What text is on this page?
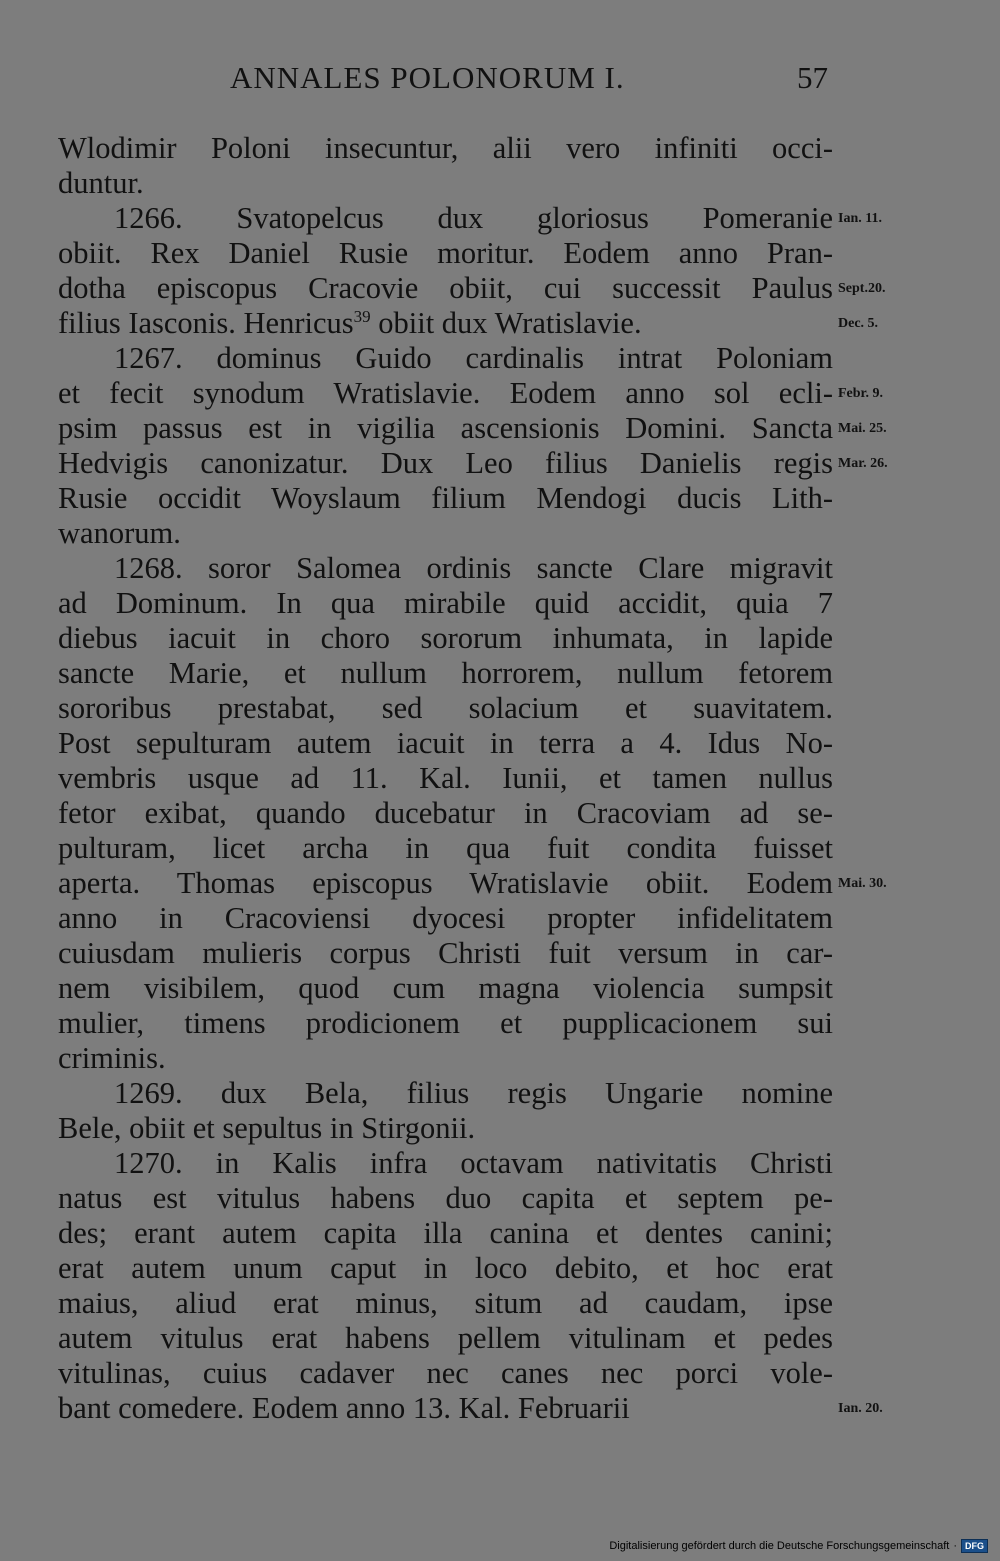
ANNALES POLONORUM I.	57
Wlodimir Poloni insecuntur, alii vero infiniti occi-
duntur.
1266. Svatopelcus dux gloriosus Pomeranie
obiit. Rex Daniel Rusie moritur. Eodem anno Pran-
dotha episcopus Cracovie obiit, cui successit Paulus
filius Iasconis. Henricus$^{39}$ obiit dux Wratislavie.
1267. dominus Guido cardinalis intrat Poloniam
et fecit synodum Wratislavie. Eodem anno sol ecli-
psim passus est in vigilia ascensionis Domini. Sancta
Hedvigis canonizatur. Dux Leo filius Danielis regis
Rusie occidit Woyslaum filium Mendogi ducis Lith-
wanorum.
1268. soror Salomea ordinis sancte Clare migravit
ad Dominum. In qua mirabile quid accidit, quia 7
diebus iacuit in choro sororum inhumata, in lapide
sancte Marie, et nullum horrorem, nullum fetorem
sororibus prestabat, sed solacium et suavitatem.
Post sepulturam autem iacuit in terra a 4. Idus No-
vembris usque ad 11. Kal. Iunii, et tamen nullus
fetor exibat, quando ducebatur in Cracoviam ad se-
pulturam, licet archa in qua fuit condita fuisset
aperta. Thomas episcopus Wratislavie obiit. Eodem
anno in Cracoviensi dyocesi propter infidelitatem
cuiusdam mulieris corpus Christi fuit versum in car-
nem visibilem, quod cum magna violencia sumpsit
mulier, timens prodicionem et pupplicacionem sui
criminis.
1269. dux Bela, filius regis Ungarie nomine
Bele, obiit et sepultus in Stirgonii.
1270. in Kalis infra octavam nativitatis Christi
natus est vitulus habens duo capita et septem pe-
des; erant autem capita illa canina et dentes canini;
erat autem unum caput in loco debito, et hoc erat
maius, aliud erat minus, situm ad caudam, ipse
autem vitulus erat habens pellem vitulinam et pedes
vitulinas, cuius cadaver nec canes nec porci vole-
bant comedere. Eodem anno 13. Kal. Februarii
Ian. 11.
Sept.20.
Dec. 5.
Febr. 9.
Mai. 25.
Mar. 26.
Mai. 30.
Ian. 20.
Digitalisierung gefördert durch die Deutsche Forschungsgemeinschaft · DFG
